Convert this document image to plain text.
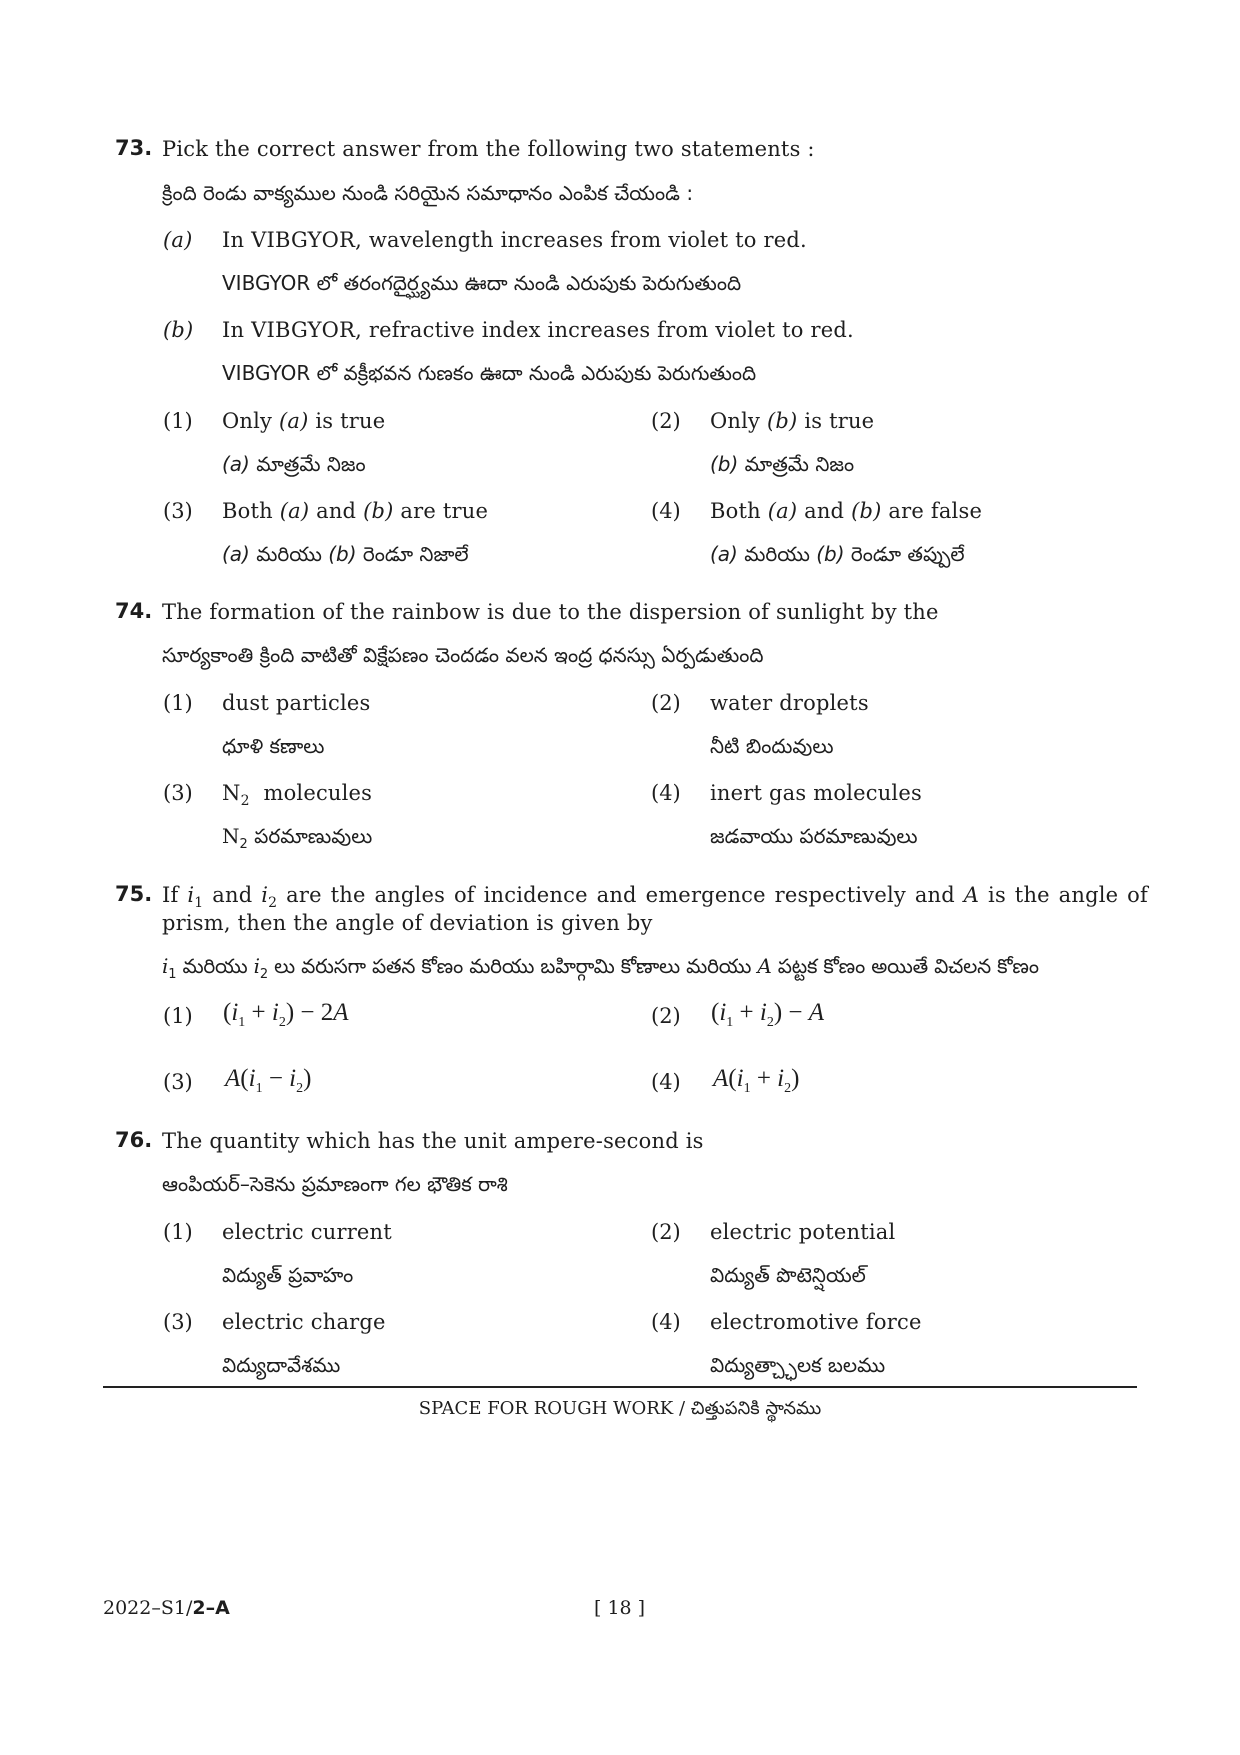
73. Pick the correct answer from the following two statements :
క్రింది రెండు వాక్యముల నుండి సరియైన సమాధానం ఎంపిక చేయండి :
(a) In VIBGYOR, wavelength increases from violet to red.
VIBGYOR లో తరంగదైర్ఘ్యము ఊదా నుండి ఎరుపుకు పెరుగుతుంది
(b) In VIBGYOR, refractive index increases from violet to red.
VIBGYOR లో వక్రీభవన గుణకం ఊదా నుండి ఎరుపుకు పెరుగుతుంది
(1) Only (a) is true
(a) మాత్రమే నిజం
(2) Only (b) is true
(b) మాత్రమే నిజం
(3) Both (a) and (b) are true
(a) మరియు (b) రెండూ నిజాలే
(4) Both (a) and (b) are false
(a) మరియు (b) రెండూ తప్పులే
74. The formation of the rainbow is due to the dispersion of sunlight by the
సూర్యకాంతి క్రింది వాటితో విక్షేపణం చెందడం వలన ఇంద్ర ధనస్సు ఏర్పడుతుంది
(1) dust particles
ధూళి కణాలు
(2) water droplets
నీటి బిందువులు
(3) $N_2$ molecules
$N_2$ పరమాణువులు
(4) inert gas molecules
జడవాయు పరమాణువులు
75. If $i_1$ and $i_2$ are the angles of incidence and emergence respectively and A is the angle of
prism, then the angle of deviation is given by
$i_1$ మరియు $i_2$ లు వరుసగా పతన కోణం మరియు బహిర్గామి కోణాలు మరియు A పట్టక కోణం అయితే విచలన కోణం
(1) $(i_1 + i_2) - 2A$	(2) $(i_1 + i_2) - A$
(3) $A(i_1 - i_2)$	(4) $A(i_1 + i_2)$
76. The quantity which has the unit ampere-second is
ఆంపియర్–సెకెను ప్రమాణంగా గల భౌతిక రాశి
(1) electric current
విద్యుత్ ప్రవాహం
(2) electric potential
విద్యుత్ పొటెన్షియల్
(3) electric charge
విద్యుదావేశము
(4) electromotive force
విద్యుత్చ్ఛాలక బలము
SPACE FOR ROUGH WORK / చిత్తుపనికి స్థానము
2022–S1/2–A	[ 18 ]
